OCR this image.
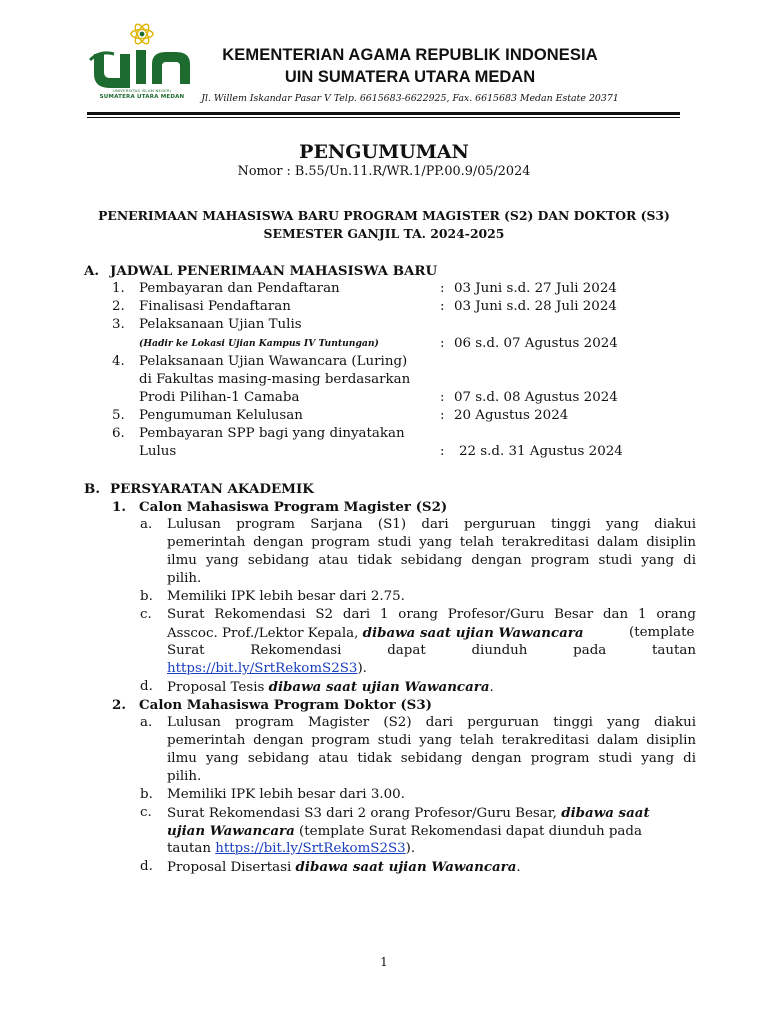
UNIVERSITAS ISLAM NEGERI
SUMATERA UTARA MEDAN
KEMENTERIAN AGAMA REPUBLIK INDONESIA
UIN SUMATERA UTARA MEDAN
Jl. Willem Iskandar Pasar V Telp. 6615683-6622925, Fax. 6615683 Medan Estate 20371
PENGUMUMAN
Nomor : B.55/Un.11.R/WR.1/PP.00.9/05/2024
PENERIMAAN MAHASISWA BARU PROGRAM MAGISTER (S2) DAN DOKTOR (S3)
SEMESTER GANJIL TA. 2024-2025
A. JADWAL PENERIMAAN MAHASISWA BARU
1. Pembayaran dan Pendaftaran	: 03 Juni s.d. 27 Juli 2024
2. Finalisasi Pendaftaran	: 03 Juni s.d. 28 Juli 2024
3. Pelaksanaan Ujian Tulis
(Hadir ke Lokasi Ujian Kampus IV Tuntungan)	: 06 s.d. 07 Agustus 2024
4. Pelaksanaan Ujian Wawancara (Luring)
di Fakultas masing-masing berdasarkan
Prodi Pilihan-1 Camaba	: 07 s.d. 08 Agustus 2024
5. Pengumuman Kelulusan	: 20 Agustus 2024
6. Pembayaran SPP bagi yang dinyatakan
Lulus	: 22 s.d. 31 Agustus 2024
B. PERSYARATAN AKADEMIK
1. Calon Mahasiswa Program Magister (S2)
a. Lulusan program Sarjana (S1) dari perguruan tinggi yang diakui
pemerintah dengan program studi yang telah terakreditasi dalam disiplin
ilmu yang sebidang atau tidak sebidang dengan program studi yang di
pilih.
b. Memiliki IPK lebih besar dari 2.75.
c. Surat Rekomendasi S2 dari 1 orang Profesor/Guru Besar dan 1 orang
Asscoc. Prof./Lektor Kepala, dibawa saat ujian Wawancara	(template
Surat Rekomendasi dapat diunduh pada tautan
https://bit.ly/SrtRekomS2S3).
d. Proposal Tesis dibawa saat ujian Wawancara.
2. Calon Mahasiswa Program Doktor (S3)
a. Lulusan program Magister (S2) dari perguruan tinggi yang diakui
pemerintah dengan program studi yang telah terakreditasi dalam disiplin
ilmu yang sebidang atau tidak sebidang dengan program studi yang di
pilih.
b. Memiliki IPK lebih besar dari 3.00.
c. Surat Rekomendasi S3 dari 2 orang Profesor/Guru Besar, dibawa saat
ujian Wawancara (template Surat Rekomendasi dapat diunduh pada
tautan https://bit.ly/SrtRekomS2S3).
d. Proposal Disertasi dibawa saat ujian Wawancara.
1
